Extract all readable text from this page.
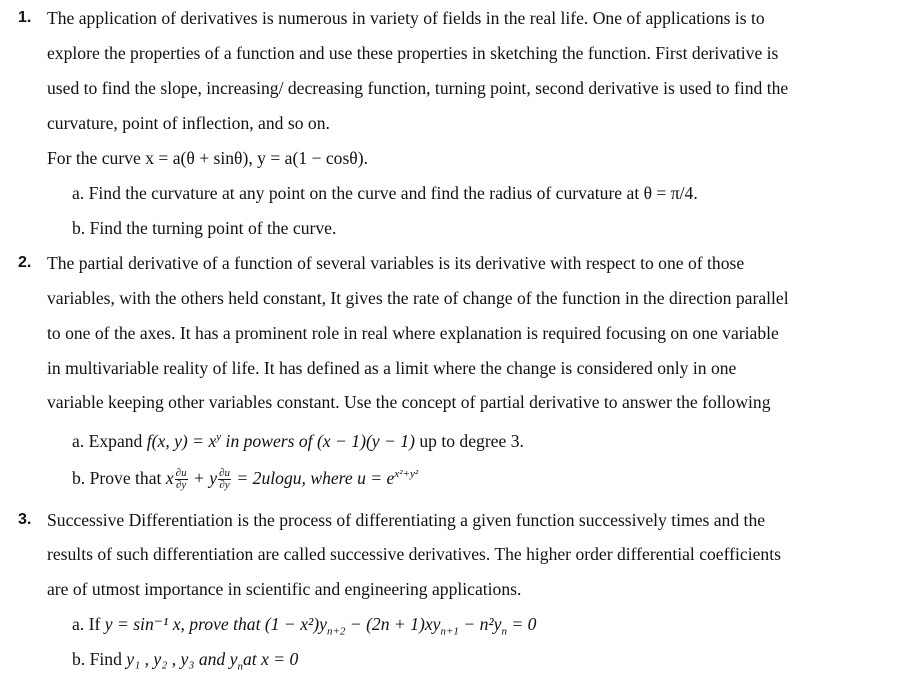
1. The application of derivatives is numerous in variety of fields in the real life. One of applications is to
explore the properties of a function and use these properties in sketching the function. First derivative is
used to find the slope, increasing/ decreasing function, turning point, second derivative is used to find the
curvature, point of inflection, and so on.
For the curve x = a(θ + sinθ), y = a(1 − cosθ).
a. Find the curvature at any point on the curve and find the radius of curvature at θ = π/4.
b. Find the turning point of the curve.
2. The partial derivative of a function of several variables is its derivative with respect to one of those
variables, with the others held constant, It gives the rate of change of the function in the direction parallel
to one of the axes. It has a prominent role in real where explanation is required focusing on one variable
in multivariable reality of life. It has defined as a limit where the change is considered only in one
variable keeping other variables constant. Use the concept of partial derivative to answer the following
a. Expand f(x, $y) = x^y$ in powers of (x − 1)(y − 1) up to degree 3.
b. Prove that x $\frac{\partial u}{\partial y} + y \frac{\partial u}{\partial y} = 2ulogu$, where $u = e^{x^2+y^2}$
3. Successive Differentiation is the process of differentiating a given function successively times and the
results of such differentiation are called successive derivatives. The higher order differential coefficients
are of utmost importance in scientific and engineering applications.
a. If y = sin⁻¹ x, prove that $(1 - x^2)y_{n+2} - (2n + 1)xy_{n+1} - n^2y_n = 0$
b. Find y₁ , y₂ , y₃ and $y_nat$ x = 0
